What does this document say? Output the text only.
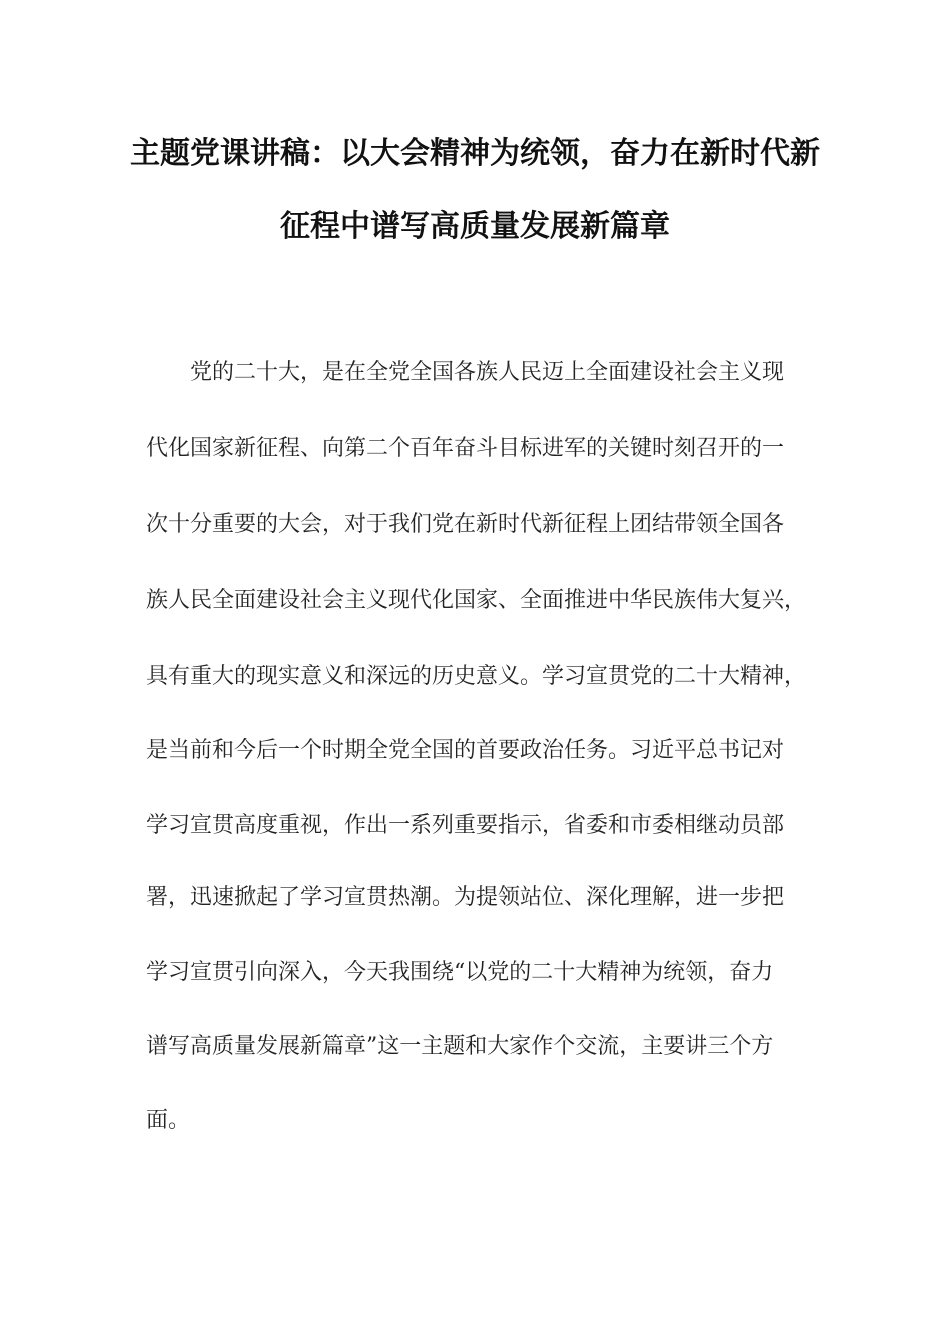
主题党课讲稿：以大会精神为统领，奋力在新时代新
征程中谱写高质量发展新篇章

党的二十大，是在全党全国各族人民迈上全面建设社会主义现

代化国家新征程、向第二个百年奋斗目标进军的关键时刻召开的一

次十分重要的大会，对于我们党在新时代新征程上团结带领全国各

族人民全面建设社会主义现代化国家、全面推进中华民族伟大复兴，

具有重大的现实意义和深远的历史意义。学习宣贯党的二十大精神，

是当前和今后一个时期全党全国的首要政治任务。习近平总书记对

学习宣贯高度重视，作出一系列重要指示，省委和市委相继动员部

署，迅速掀起了学习宣贯热潮。为提领站位、深化理解，进一步把

学习宣贯引向深入，今天我围绕“以党的二十大精神为统领，奋力

谱写高质量发展新篇章”这一主题和大家作个交流，主要讲三个方

面。
